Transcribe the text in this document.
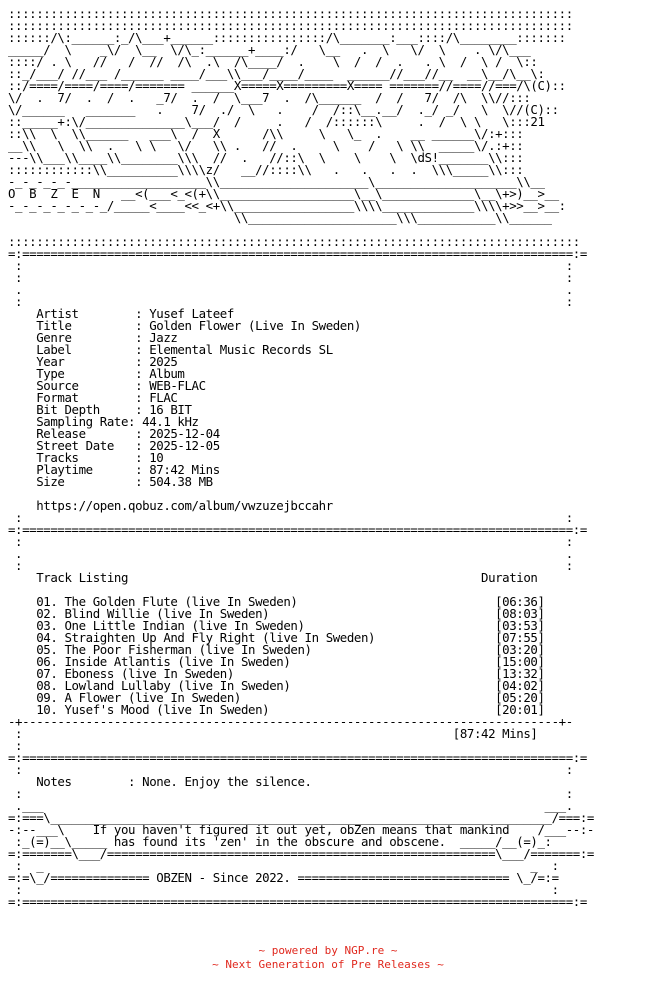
::::::::::::::::::::::::::::::::::::::::::::::::::::::::::::::::::::::::::::::::
::::::::::::::::::::::::::::::::::::::::::::::::::::::::::::::::::::::::::::::::
::::::/\:______:_/\___+______::::::::::::::::/\_______:___::::/\________:::::::
_____/  \    _\/  \__  \/\_:______+____:/   \__   .  \   \/  \    . \/\___
::::/ . \   //   /  //  /\  .\  /\____/  .    \  /  /  .   . \  /  \ /  \::
::_/___/ //___ /______ ____/___\\___/____/____  ______//___//__  __\__/\__\:
::/====/====/====/======= ______X=====X=========X==== =======//====//===/\(C)::
\/  .  7/  .  /  .   _7/  .  /  \___7  .  /\______  /  /   7/  /\  \\//:::
\/______   _______   .    7/  ./  \   .    /  /::\__.__/  ._/ _/   \  \//(C)::
::_____+:\/______________\___/  /     .   /  /::::::\     .  /  \ \   \:::21
::\\  \  \\______   ___\  /  X      /\\     \   \_  .    __ ______\/:+:::
__\\   \  \\  .   \ \   \/   \\ .   //  .     \    /   \ \\  _____\/.:+::
---\\___\\____\\________\\\  //  .   //::\  \    \    \  \dS!_______\\:::
::::::::::::\\__________\\\\z/   __//::::\\   .   .   .  .  \\\_____\\:::
-_-_-_-_-___________________\\_____________________\____________________\\__
O  B  Z  E  N   __<(___<_<(+\\___________________\__\_____________\__\+>)__>__
-_-_-_-_-_-_-_/_____<____<<_<+\\_________________\\\\_____________\\\\+>>__>__:
\\_____________________\\\___________\\______
:::::::::::::::::::::::::::::::::::::::::::::::::::::::::::::::::::::::::::::::::
=:==============================================================================:=
:                                                                             :
:                                                                             :
.                                                                             .
:                                                                             :
Artist        : Yusef Lateef
Title         : Golden Flower (Live In Sweden)
Genre         : Jazz
Label         : Elemental Music Records SL
Year          : 2025
Type          : Album
Source        : WEB-FLAC
Format        : FLAC
Bit Depth     : 16 BIT
Sampling Rate: 44.1 kHz
Release       : 2025-12-04
Street Date   : 2025-12-05
Tracks        : 10
Playtime      : 87:42 Mins
Size          : 504.38 MB
https://open.qobuz.com/album/vwzuzejbccahr
:                                                                             :
=:==============================================================================:=
:                                                                             :
.                                                                             .
:                                                                             :
Track Listing                                                  Duration
01. The Golden Flute (live In Sweden)                            [06:36]
02. Blind Willie (live In Sweden)                                [08:03]
03. One Little Indian (live In Sweden)                           [03:53]
04. Straighten Up And Fly Right (live In Sweden)                 [07:55]
05. The Poor Fisherman (live In Sweden)                          [03:20]
06. Inside Atlantis (live In Sweden)                             [15:00]
07. Eboness (live In Sweden)                                     [13:32]
08. Lowland Lullaby (live In Sweden)                             [04:02]
09. A Flower (live In Sweden)                                    [05:20]
10. Yusef's Mood (live In Sweden)                                [20:01]
-+----------------------------------------------------------------------------+-
:                                                             [87:42 Mins]
:
=:==============================================================================:=
:                                                                             :
Notes        : None. Enjoy the silence.
:                                                                             :
.___                                                                       ___.
=:===\_______________________________________________________________________/===:=
-:--___\    If you haven't figured it out yet, obZen means that mankind    /___--:-
:_(=)__\_____ has found its 'zen' in the obscure and obscene.  _____/__(=)_:
=:=======\___/=======================================================\___/=======:=
:  _                                                                     _  :
=:=\_/============== OBZEN - Since 2022. ============================== \_/=:=
:                                                                           :
=:==============================================================================:=
~ powered by NGP.re ~
~ Next Generation of Pre Releases ~
